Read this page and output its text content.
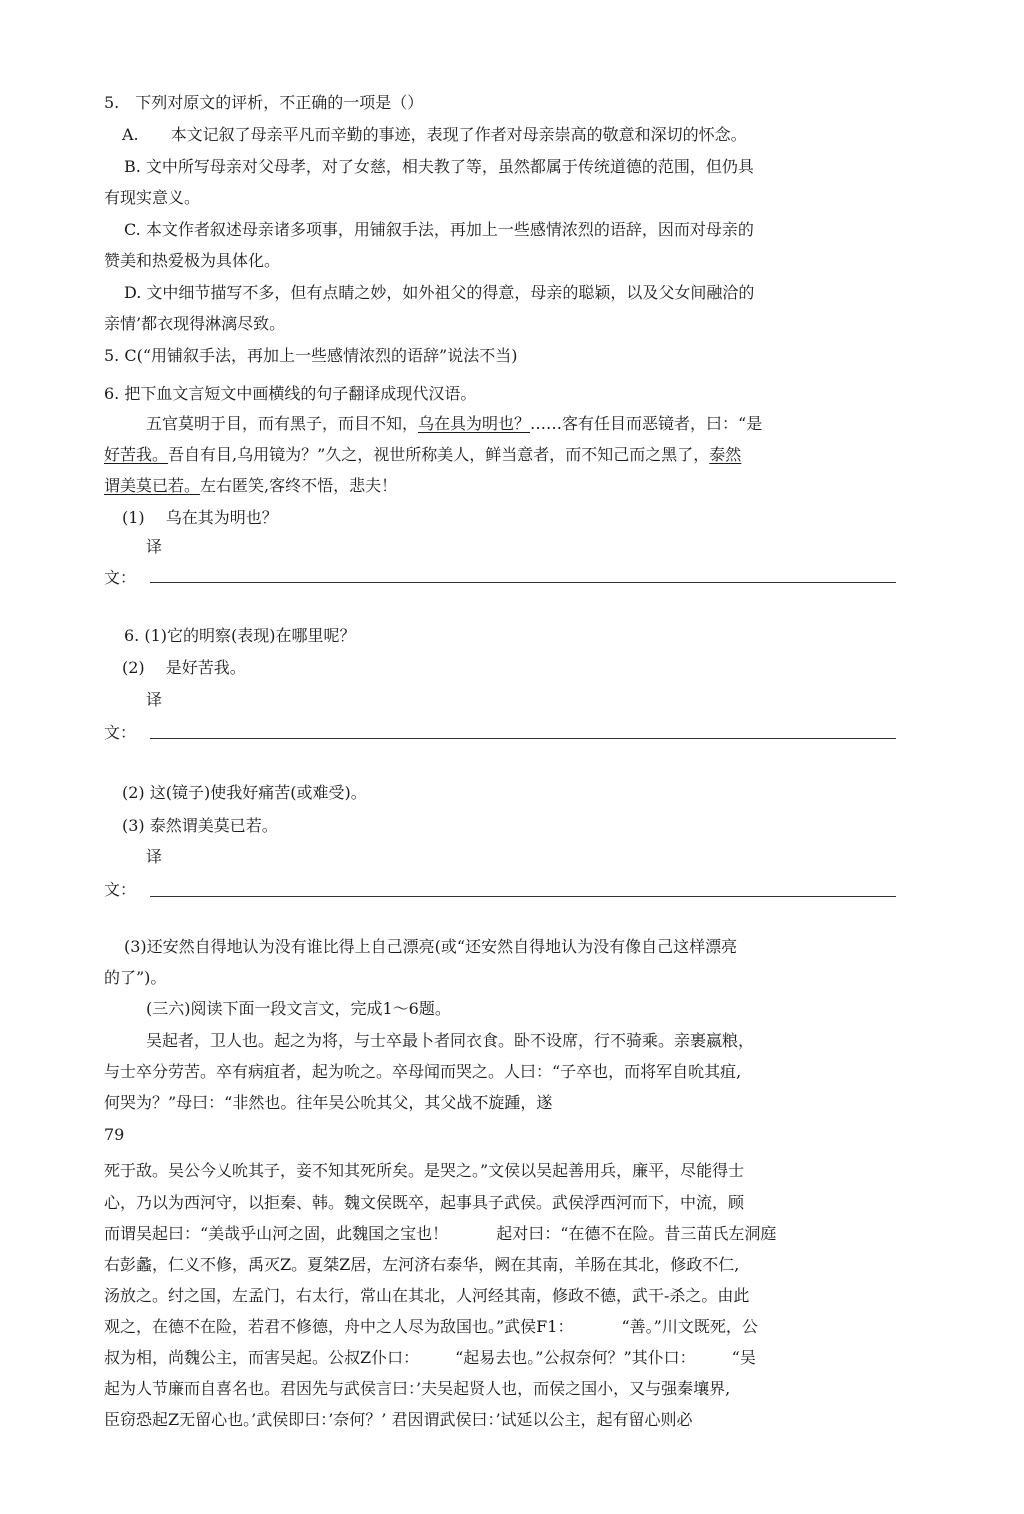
5.　下列对原文的评析，不正确的一项是（）
A.　　本文记叙了母亲平凡而辛勤的事迹，表现了作者对母亲崇高的敬意和深切的怀念。
B. 文中所写母亲对父母孝，对了女慈，相夫教了等，虽然都属于传统道德的范围，但仍具
有现实意义。
C. 本文作者叙述母亲诸多项事，用铺叙手法，再加上一些感情浓烈的语辞，因而对母亲的
赞美和热爱极为具体化。
D. 文中细节描写不多，但有点睛之妙，如外祖父的得意，母亲的聪颖，以及父女间融洽的
亲情’都衣现得淋漓尽致。
5. C(“用铺叙手法，再加上一些感情浓烈的语辞”说法不当)
6. 把下血文言短文中画横线的句子翻译成现代汉语。
五官莫明于目，而有黑子，而目不知，乌在具为明也？……客有任目而恶镜者，曰：“是
好苦我。吾自有目,乌用镜为？”久之，视世所称美人，鲜当意者，而不知己而之黑了，泰然
谓美莫已若。左右匿笑,客终不悟，悲夫！
(1)　 乌在其为明也？
译
文：
6. (1)它的明察(表现)在哪里呢？
(2)　 是好苦我。
译
文：
(2) 这(镜子)使我好痛苦(或难受)。
(3) 泰然谓美莫已若。
译
文：
(3)还安然自得地认为没有谁比得上自己漂亮(或“还安然自得地认为没有像自己这样漂亮
的了”)。
(三六)阅读下面一段文言文，完成1～6题。
吴起者，卫人也。起之为将，与士卒最卜者同衣食。卧不设席，行不骑乘。亲裹嬴粮，
与士卒分劳苦。卒有病疽者，起为吮之。卒母闻而哭之。人曰：“子卒也，而将军自吮其疽,
何哭为？”母曰：“非然也。往年吴公吮其父，其父战不旋踵，遂
79
死于敌。吴公今乂吮其子，妾不知其死所矣。是哭之。”文侯以吴起善用兵，廉平，尽能得士
心，乃以为西河守，以拒秦、韩。魏文侯既卒，起事具子武侯。武侯浮西河而下，中流，顾
而谓吴起曰：“美哉乎山河之固，此魏国之宝也！	起对曰：“在德不在险。昔三苗氏左洞庭
右彭蠡，仁义不修，禹灭Z。夏桀Z居，左河济右泰华，阙在其南，羊肠在其北，修政不仁,
汤放之。纣之国，左孟门，右太行，常山在其北，人河经其南，修政不德，武干-杀之。由此
观之，在德不在险，若君不修德，舟中之人尽为敌国也。”武侯F1：	“善。”川文既死，公
叔为相，尚魏公主，而害吴起。公叔Z仆口： “起易去也。”公叔奈何？”其仆口： “吴
起为人节廉而自喜名也。君因先与武侯言曰：’夫吴起贤人也，而侯之国小，又与强秦壤界,
臣窃恐起Z无留心也。’武侯即曰：’奈何？’ 君因谓武侯曰：’试延以公主，起有留心则必
